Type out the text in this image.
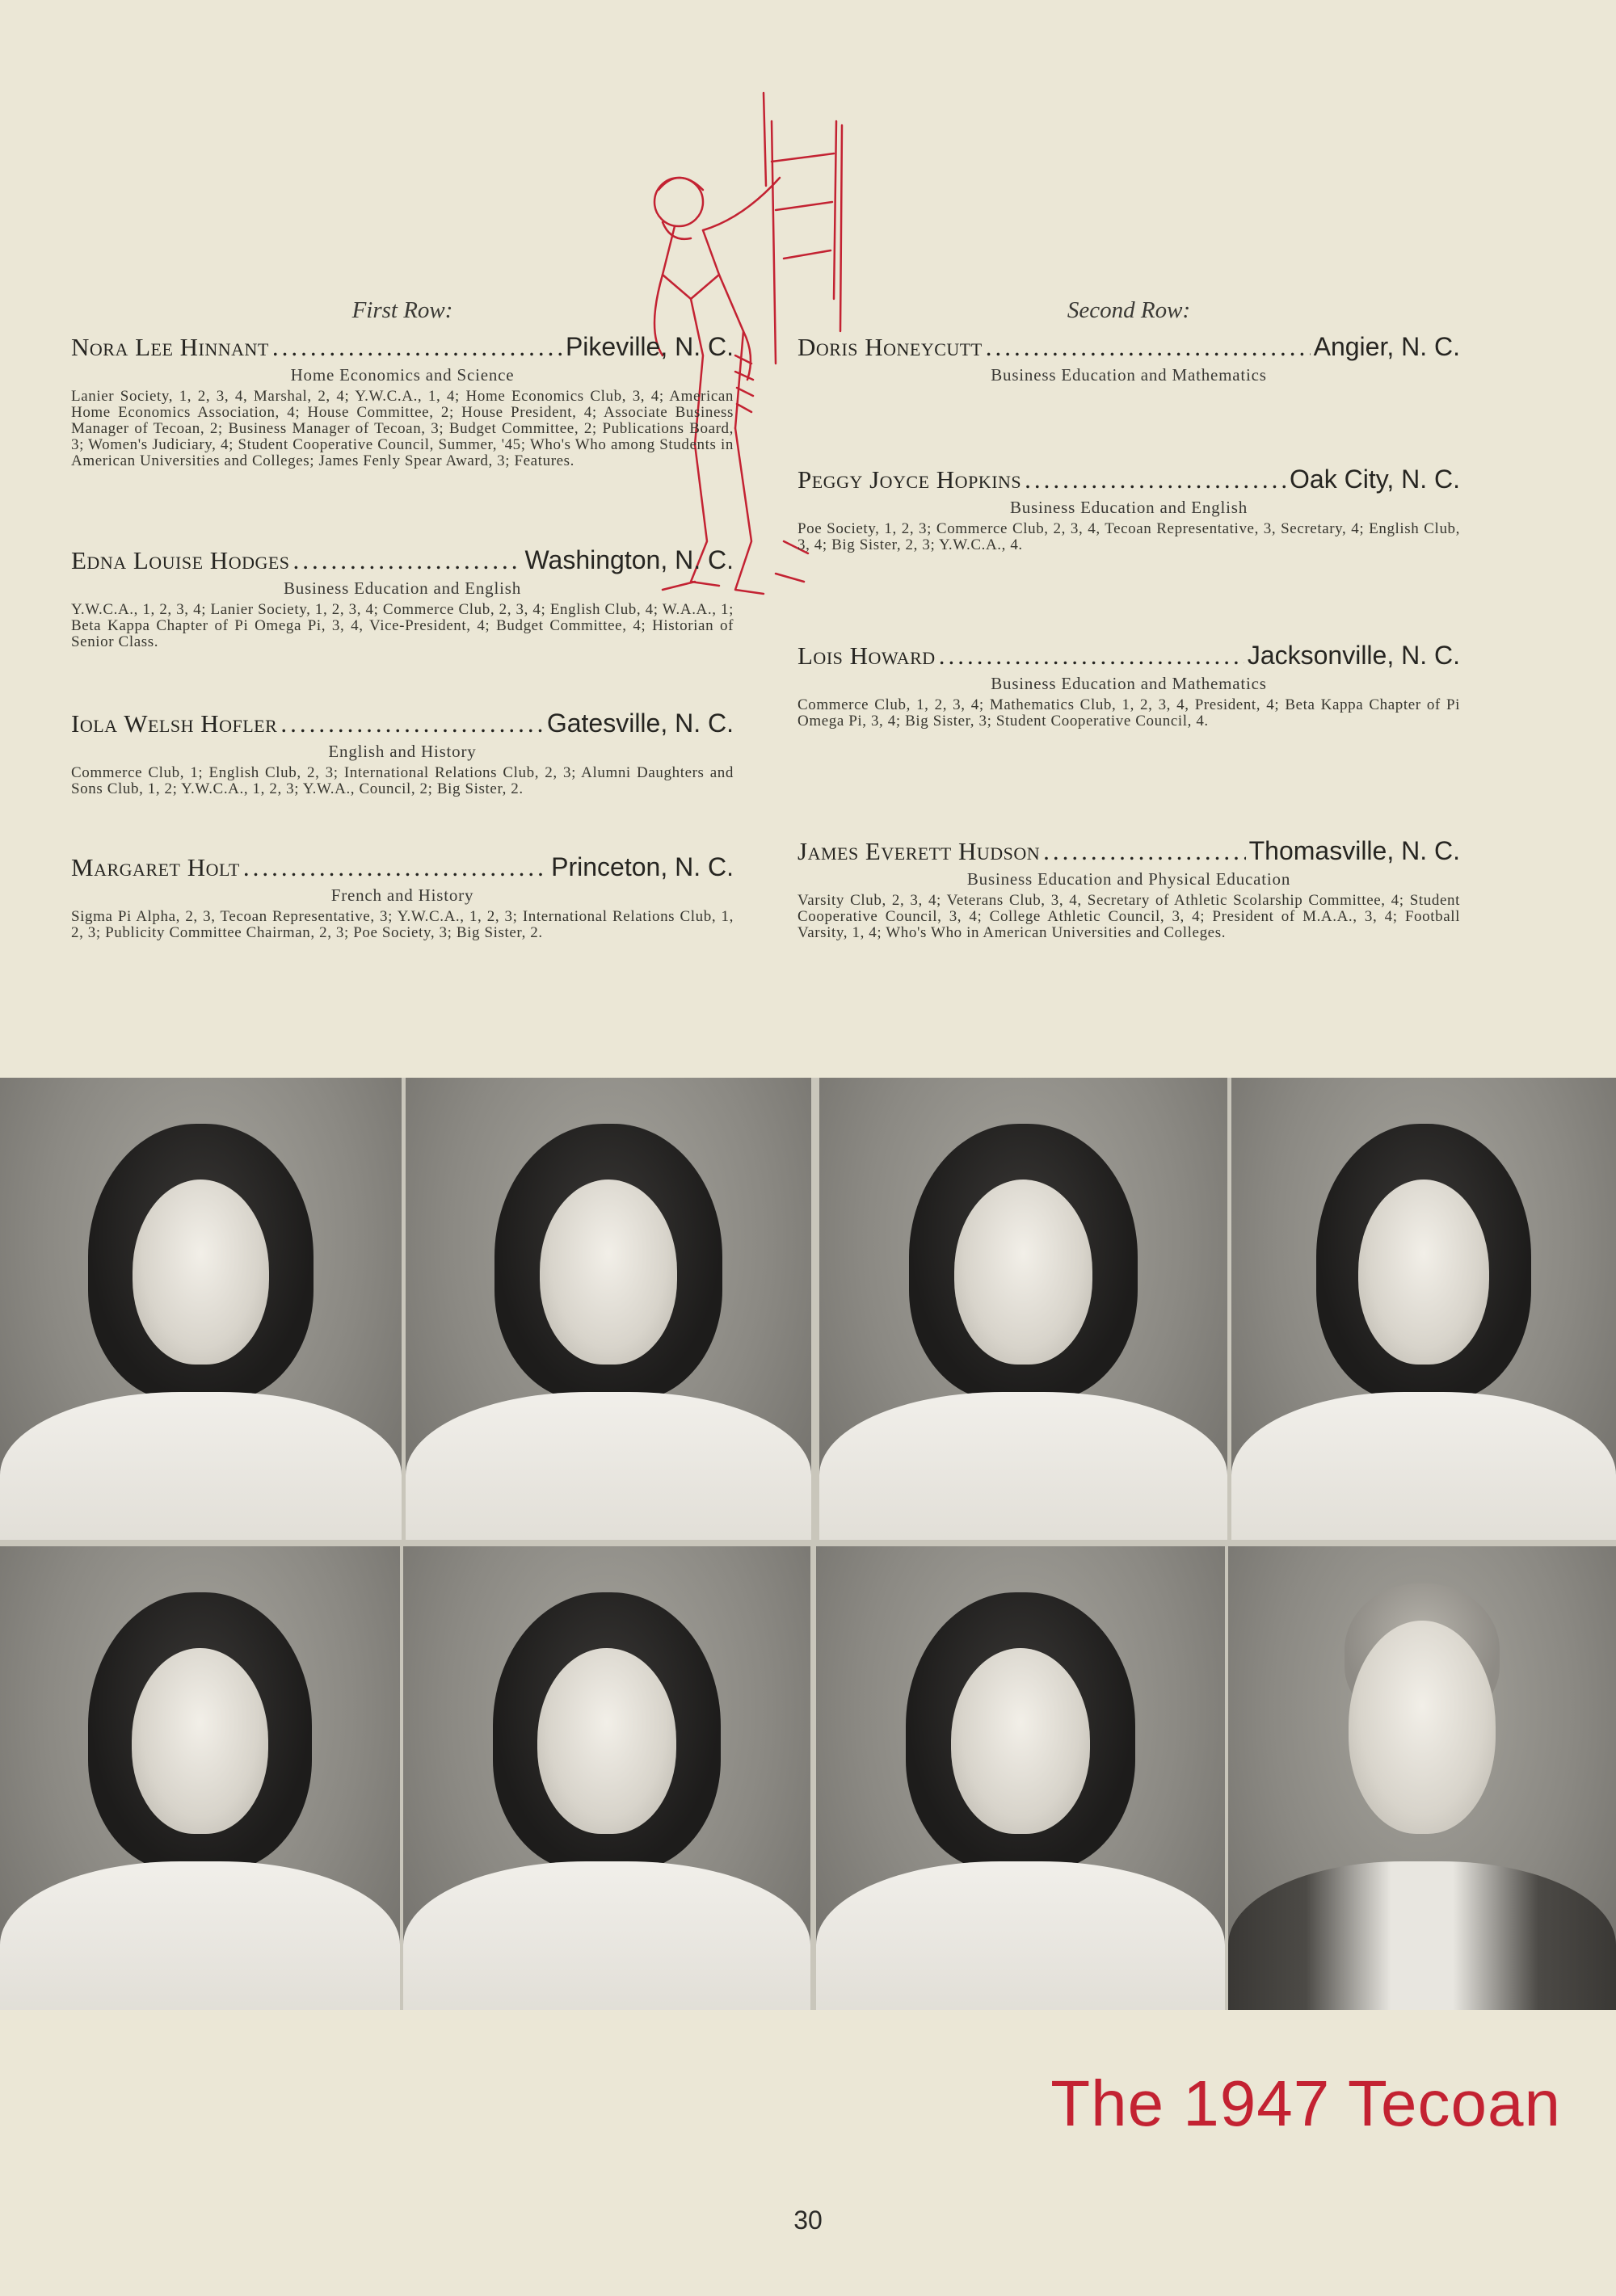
First Row:
Nora Lee Hinnant .....	Pikeville, N. C.
Home Economics and Science
Lanier Society, 1, 2, 3, 4, Marshal, 2, 4; Y.W.C.A., 1, 4; Home Economics Club, 3, 4; American Home Economics Association, 4; House Committee, 2; House President, 4; Associate Business Manager of Tecoan, 2; Business Manager of Tecoan, 3; Budget Committee, 2; Publications Board, 3; Women's Judiciary, 4; Student Cooperative Council, Summer, '45; Who's Who among Students in American Universities and Colleges; James Fenly Spear Award, 3; Features.
Edna Louise Hodges .....	Washington, N. C.
Business Education and English
Y.W.C.A., 1, 2, 3, 4; Lanier Society, 1, 2, 3, 4; Commerce Club, 2, 3, 4; English Club, 4; W.A.A., 1; Beta Kappa Chapter of Pi Omega Pi, 3, 4, Vice-President, 4; Budget Committee, 4; Historian of Senior Class.
Iola Welsh Hofler .....	Gatesville, N. C.
English and History
Commerce Club, 1; English Club, 2, 3; International Relations Club, 2, 3; Alumni Daughters and Sons Club, 1, 2; Y.W.C.A., 1, 2, 3; Y.W.A., Council, 2; Big Sister, 2.
Margaret Holt .....	Princeton, N. C.
French and History
Sigma Pi Alpha, 2, 3, Tecoan Representative, 3; Y.W.C.A., 1, 2, 3; International Relations Club, 1, 2, 3; Publicity Committee Chairman, 2, 3; Poe Society, 3; Big Sister, 2.
Second Row:
Doris Honeycutt .....	Angier, N. C.
Business Education and Mathematics
Peggy Joyce Hopkins .....	Oak City, N. C.
Business Education and English
Poe Society, 1, 2, 3; Commerce Club, 2, 3, 4, Tecoan Representative, 3, Secretary, 4; English Club, 3, 4; Big Sister, 2, 3; Y.W.C.A., 4.
Lois Howard .....	Jacksonville, N. C.
Business Education and Mathematics
Commerce Club, 1, 2, 3, 4; Mathematics Club, 1, 2, 3, 4, President, 4; Beta Kappa Chapter of Pi Omega Pi, 3, 4; Big Sister, 3; Student Cooperative Council, 4.
James Everett Hudson .....	Thomasville, N. C.
Business Education and Physical Education
Varsity Club, 2, 3, 4; Veterans Club, 3, 4, Secretary of Athletic Scolarship Committee, 4; Student Cooperative Council, 3, 4; College Athletic Council, 3, 4; President of M.A.A., 3, 4; Football Varsity, 1, 4; Who's Who in American Universities and Colleges.
The 1947 Tecoan
30
